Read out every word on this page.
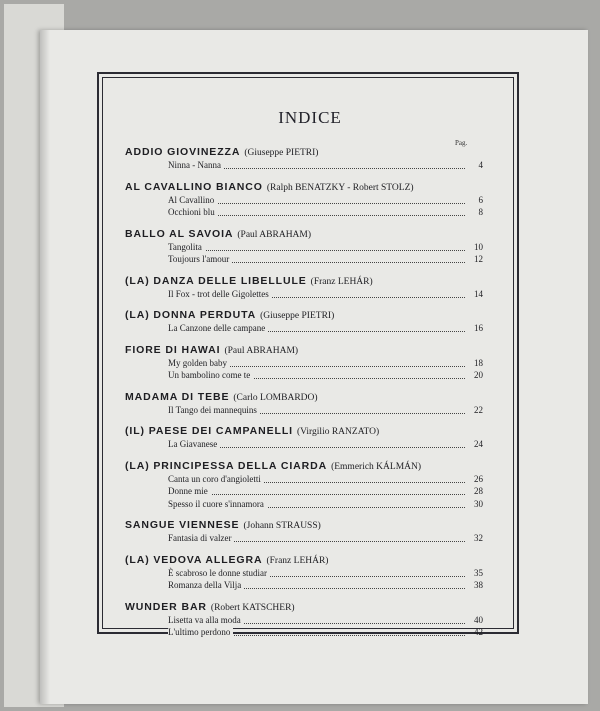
INDICE
Pag.
ADDIO GIOVINEZZA (Giuseppe PIETRI)
Ninna - Nanna	4
AL CAVALLINO BIANCO (Ralph BENATZKY - Robert STOLZ)
Al Cavallino	6
Occhioni blu	8
BALLO AL SAVOIA (Paul ABRAHAM)
Tangolita	10
Toujours l'amour	12
(LA) DANZA DELLE LIBELLULE (Franz LEHÁR)
Il Fox - trot delle Gigolettes	14
(LA) DONNA PERDUTA (Giuseppe PIETRI)
La Canzone delle campane	16
FIORE DI HAWAI (Paul ABRAHAM)
My golden baby	18
Un bambolino come te	20
MADAMA DI TEBE (Carlo LOMBARDO)
Il Tango dei mannequins	22
(IL) PAESE DEI CAMPANELLI (Virgilio RANZATO)
La Giavanese	24
(LA) PRINCIPESSA DELLA CIARDA (Emmerich KÁLMÁN)
Canta un coro d'angioletti	26
Donne mie	28
Spesso il cuore s'innamora	30
SANGUE VIENNESE (Johann STRAUSS)
Fantasia di valzer	32
(LA) VEDOVA ALLEGRA (Franz LEHÁR)
È scabroso le donne studiar	35
Romanza della Vilja	38
WUNDER BAR (Robert KATSCHER)
Lisetta va alla moda	40
L'ultimo perdono	42
